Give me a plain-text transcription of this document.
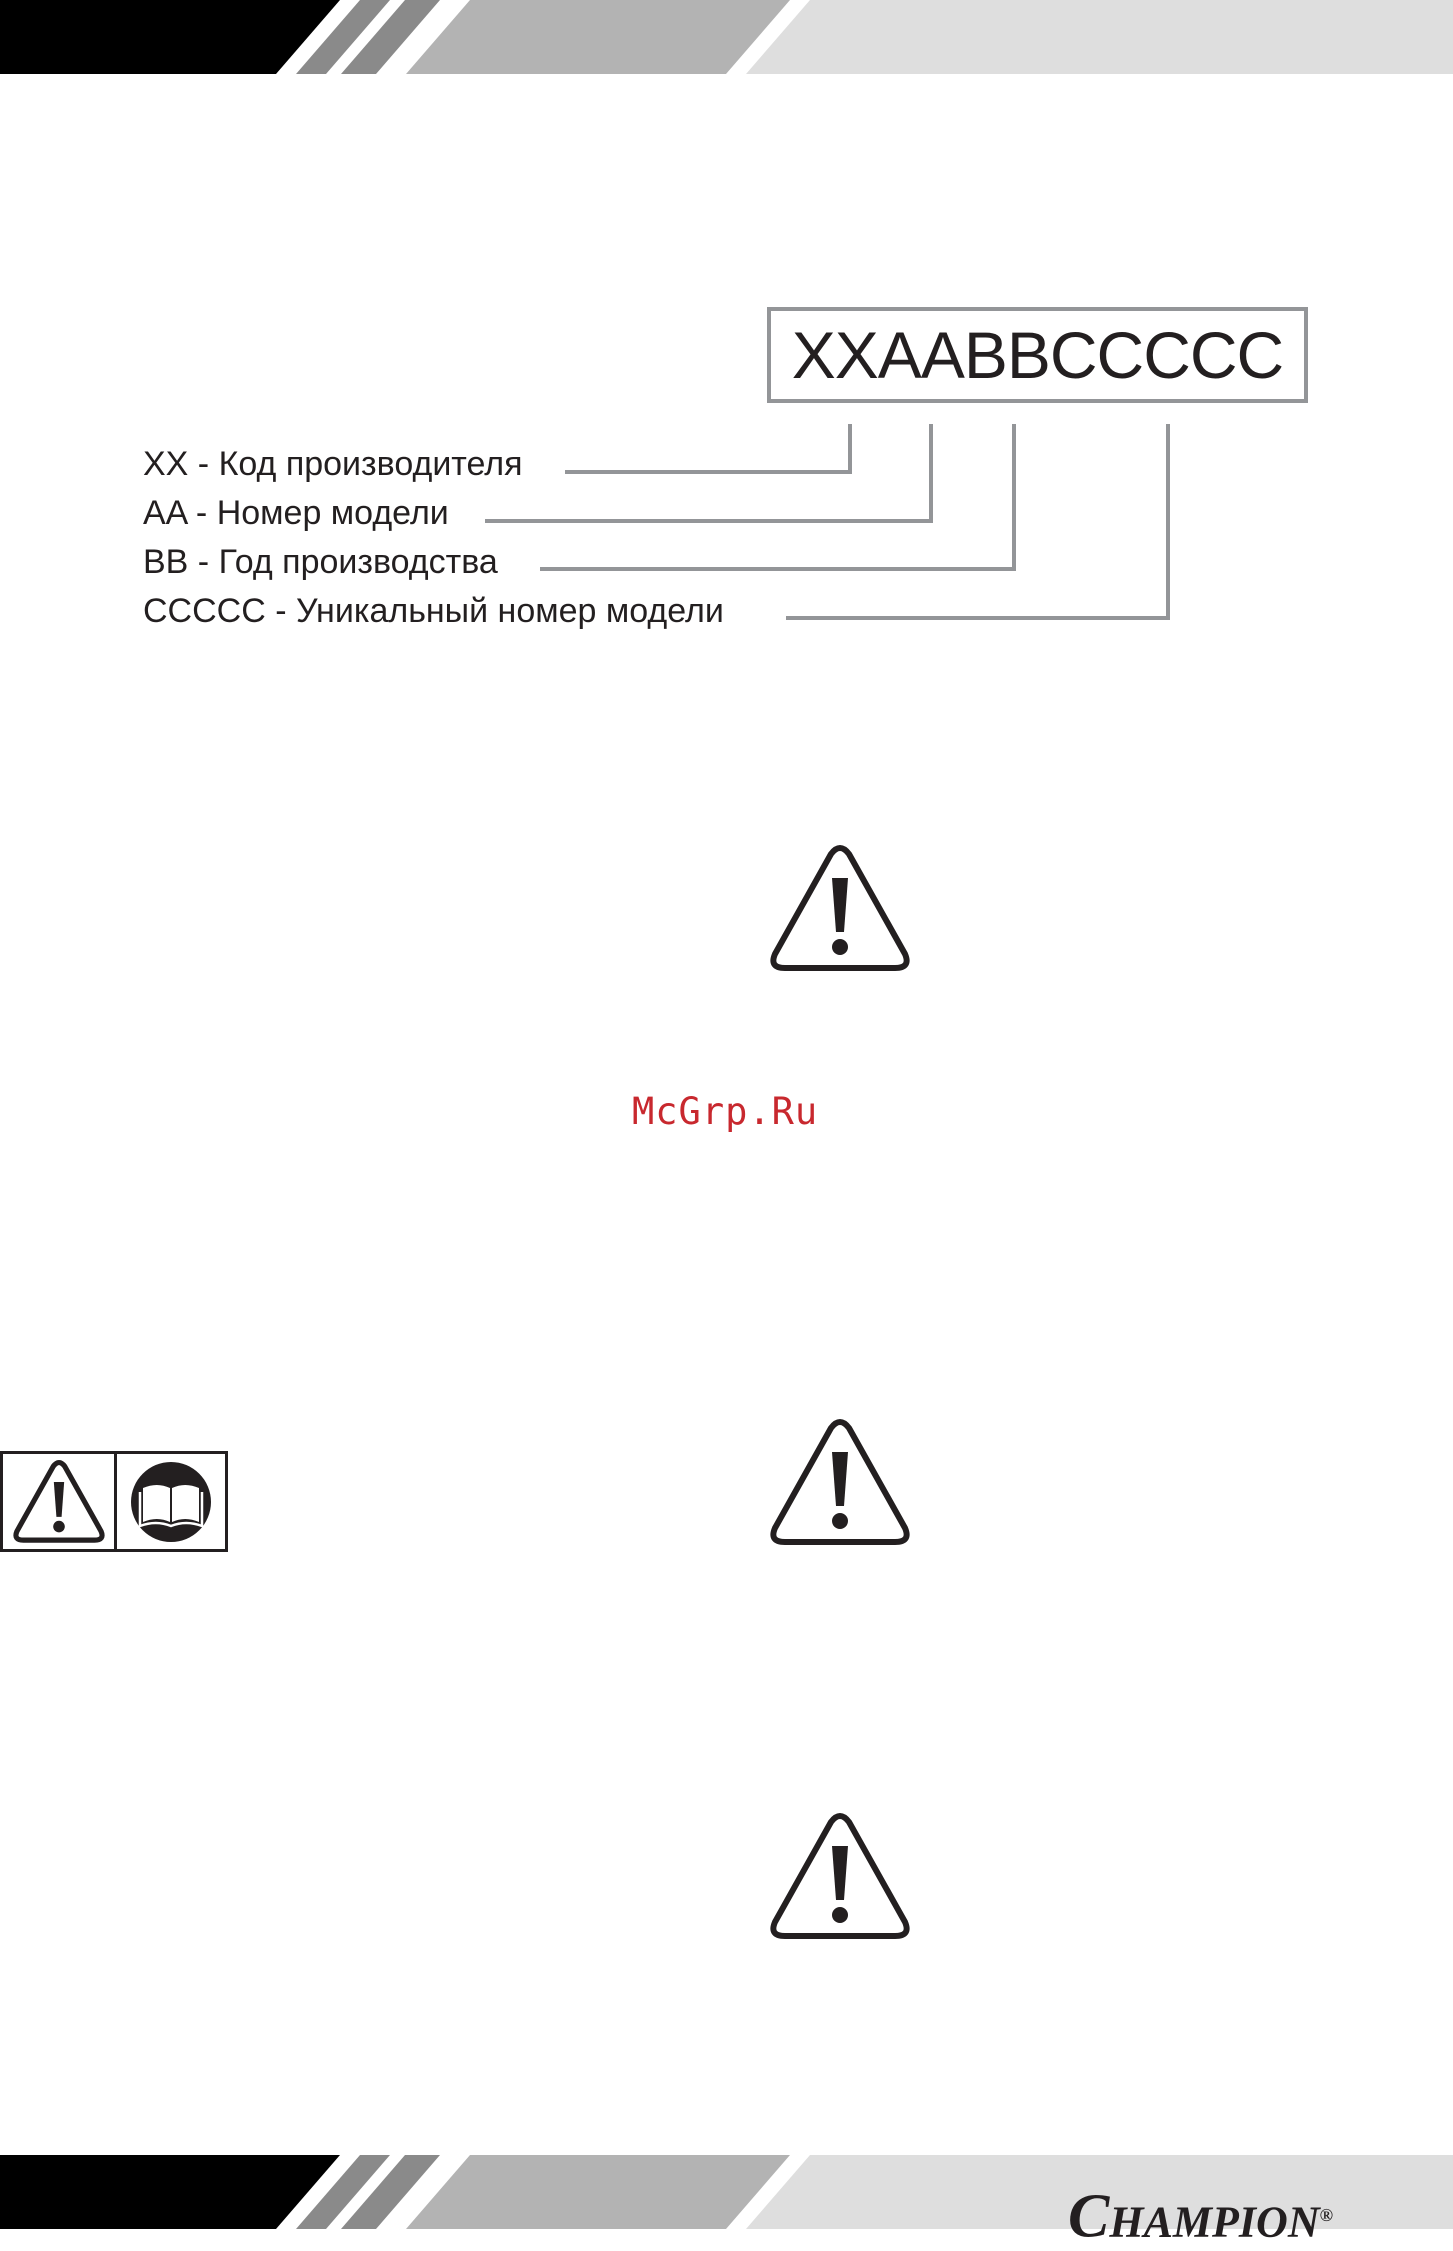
XXAABBCCCCC
XX - Код производителя
AA - Номер модели
BB - Год производства
CCCCC - Уникальный номер модели
McGrp.Ru
CHAMPION®
